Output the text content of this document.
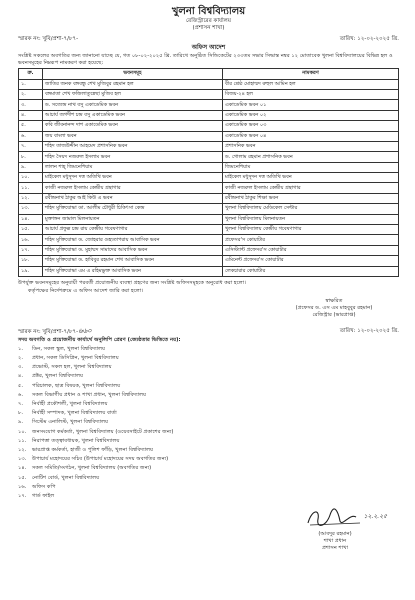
খুলনা বিশ্ববিদ্যালয়
রেজিস্ট্রারের কার্যালয়
(প্রশাসন শাখা)
স্মারক নং: খুবি/প্রশা-৭/৮৭-	তারিখ: ১২-০২-২০২৫ খ্রি.
অফিস আদেশ
সংশ্লিষ্ট সকলের অবগতির জন্য জানানো যাচ্ছে যে, গত ০৮-০২-২০২৫ খ্রি. তারিখে অনুষ্ঠিত সিন্ডিকেটের ২৩৩তম সভার সিদ্ধান্ত নম্বর ১২ মোতাবেক খুলনা বিশ্ববিদ্যালয়ের বিভিন্ন হল ও ভবনসমূহের নিম্নরূপ নামকরণ করা হয়েছে:
ক্র.	ভবনসমূহ	নামকরণ
১.	জাতির জনক বঙ্গবন্ধু শেখ মুজিবুর রহমান হল	বীর শ্রেষ্ঠ মোহাম্মদ রুহুল আমিন হল
২.	বঙ্গমাতা শেখ ফজিলাতুন্নেছা মুজিব হল	বিজয়-২৪ হল
৩.	ড. সত্যেন্দ্র নাথ বসু একাডেমিক ভবন	একাডেমিক ভবন ০১
৪.	আচার্য জগদীশ চন্দ্র বসু একাডেমিক ভবন	একাডেমিক ভবন ০২
৫.	কবি জীবনানন্দ দাশ একাডেমিক ভবন	একাডেমিক ভবন ০৩
৬.	জয় বাংলা ভবন	একাডেমিক ভবন ০৪
৭.	শহিদ তাজউদ্দীন আহমেদ প্রশাসনিক ভবন	প্রশাসনিক ভবন
৮.	শহিদ সৈয়দ নজরুল ইসলাম ভবন	ড. গোলাম রহমান প্রশাসনিক ভবন
৯.	লালন শাহ্ জিমনেশিয়াম	জিমনেশিয়াম
১০.	মাইকেল মধুসূদন দত্ত অতিথি ভবন	মাইকেল মধুসূদন দত্ত অতিথি ভবন
১১.	কাজী নজরুল ইসলাম কেন্দ্রীয় গ্রন্থাগার	কাজী নজরুল ইসলাম কেন্দ্রীয় গ্রন্থাগার
১২.	রবীন্দ্রনাথ ঠাকুর আই কিউ এ ভবন	রবীন্দ্রনাথ ঠাকুর শিক্ষা ভবন
১৩.	শহিদ মুক্তিযোদ্ধা ডা. আলীম চৌধুরী চিকিৎসা কেন্দ্র	খুলনা বিশ্ববিদ্যালয় মেডিকেল সেন্টার
১৪.	মুক্তাঙ্গন জামাল মিলনায়তন	খুলনা বিশ্ববিদ্যালয় মিলনায়তন
১৫.	আচার্য প্রফুল্ল চন্দ্র রায় কেন্দ্রীয় গবেষণাগার	খুলনা বিশ্ববিদ্যালয় কেন্দ্রীয় গবেষণাগার
১৬.	শহিদ মুক্তিযোদ্ধা ড. জোহরার গুহ্যতাপরায় আবাসিক ভবন	প্রফেসর'স কোয়াটার
১৭.	শহিদ মুক্তিযোদ্ধা ড. মুহাম্মদ সামাদের আবাসিক ভবন	এসিস্ট্যান্ট প্রফেসর'স কোয়াটার
১৮.	শহিদ মুক্তিযোদ্ধা ড. হাবিবুর রহমান শেখ আবাসিক ভবন	এমিনেন্ট প্রফেসর'স কোয়াটার
১৯.	শহিদ মুক্তিযোদ্ধা এম এ রহিমভুক্ত আবাসিক ভবন	লেকচারার কোয়াটার
উপর্যুক্ত ভবনসমূহের অনুযায়ী পরবর্তী প্রয়োজনীয় ব্যবস্থা গ্রহণের জন্য সংশ্লিষ্ট অফিসসমূহকে অনুরোধ করা হলো।
কর্তৃপক্ষের নির্দেশক্রমে এ অফিস আদেশ জারি করা হলো।
স্বাক্ষরিত
(প্রফেসর ড. এস এম মাহবুবুর রহমান)
রেজিস্ট্রার (ভারপ্রাপ্ত)
স্মারক নং: খুবি/প্রশা-৭/৮৭-৬৬০	তারিখ: ১২-০২-২০২৫ খ্রি.
সদয় অবগতি ও প্রয়োজনীয় কার্যার্থে অনুলিপি প্রেরণ (জ্যেষ্ঠতার ভিত্তিতে নয়):
১.	ডিন, সকল স্কুল, খুলনা বিশ্ববিদ্যালয়
২.	প্রধান, সকল ডিসিপ্লিন, খুলনা বিশ্ববিদ্যালয়
৩.	প্রভোস্ট, সকল হল, খুলনা বিশ্ববিদ্যালয়
৪.	প্রক্টর, খুলনা বিশ্ববিদ্যালয়
৫.	পরিচালক, ছাত্র বিষয়ক, খুলনা বিশ্ববিদ্যালয়
৬.	সকল বিভাগীয় প্রধান ও শাখা প্রধান, খুলনা বিশ্ববিদ্যালয়
৭.	নির্বাহী প্রকৌশলী, খুলনা বিশ্ববিদ্যালয়
৮.	নির্বাহী সম্পাদক, খুলনা বিশ্ববিদ্যালয় বার্তা
৯.	সিস্টেম এনালিস্ট, খুলনা বিশ্ববিদ্যালয়
১০.	জনসংযোগ কর্মকর্তা, খুলনা বিশ্ববিদ্যালয় (ওয়েবসাইটে প্রকাশের জন্য)
১১.	নিরাপত্তা তত্ত্বাবধায়ক, খুলনা বিশ্ববিদ্যালয়
১২.	ভারপ্রাপ্ত কর্মকর্তা, হাজী ও পুলিশ ফাঁড়ি, খুলনা বিশ্ববিদ্যালয়
১৩.	উপাচার্য মহোদয়ের সচিব (উপাচার্য মহোদয়ের সদয় অবগতির জন্য)
১৪.	সকল সমিতি/সংগঠন, খুলনা বিশ্ববিদ্যালয় (অবগতির জন্য)
১৫.	নোটিশ বোর্ড, খুলনা বিশ্ববিদ্যালয়
১৬.	অফিস কপি
১৭.	গার্ড ফাইল
১২.২.২৫
(আবদুর রহমান)
শাখা প্রধান
প্রশাসন শাখা
